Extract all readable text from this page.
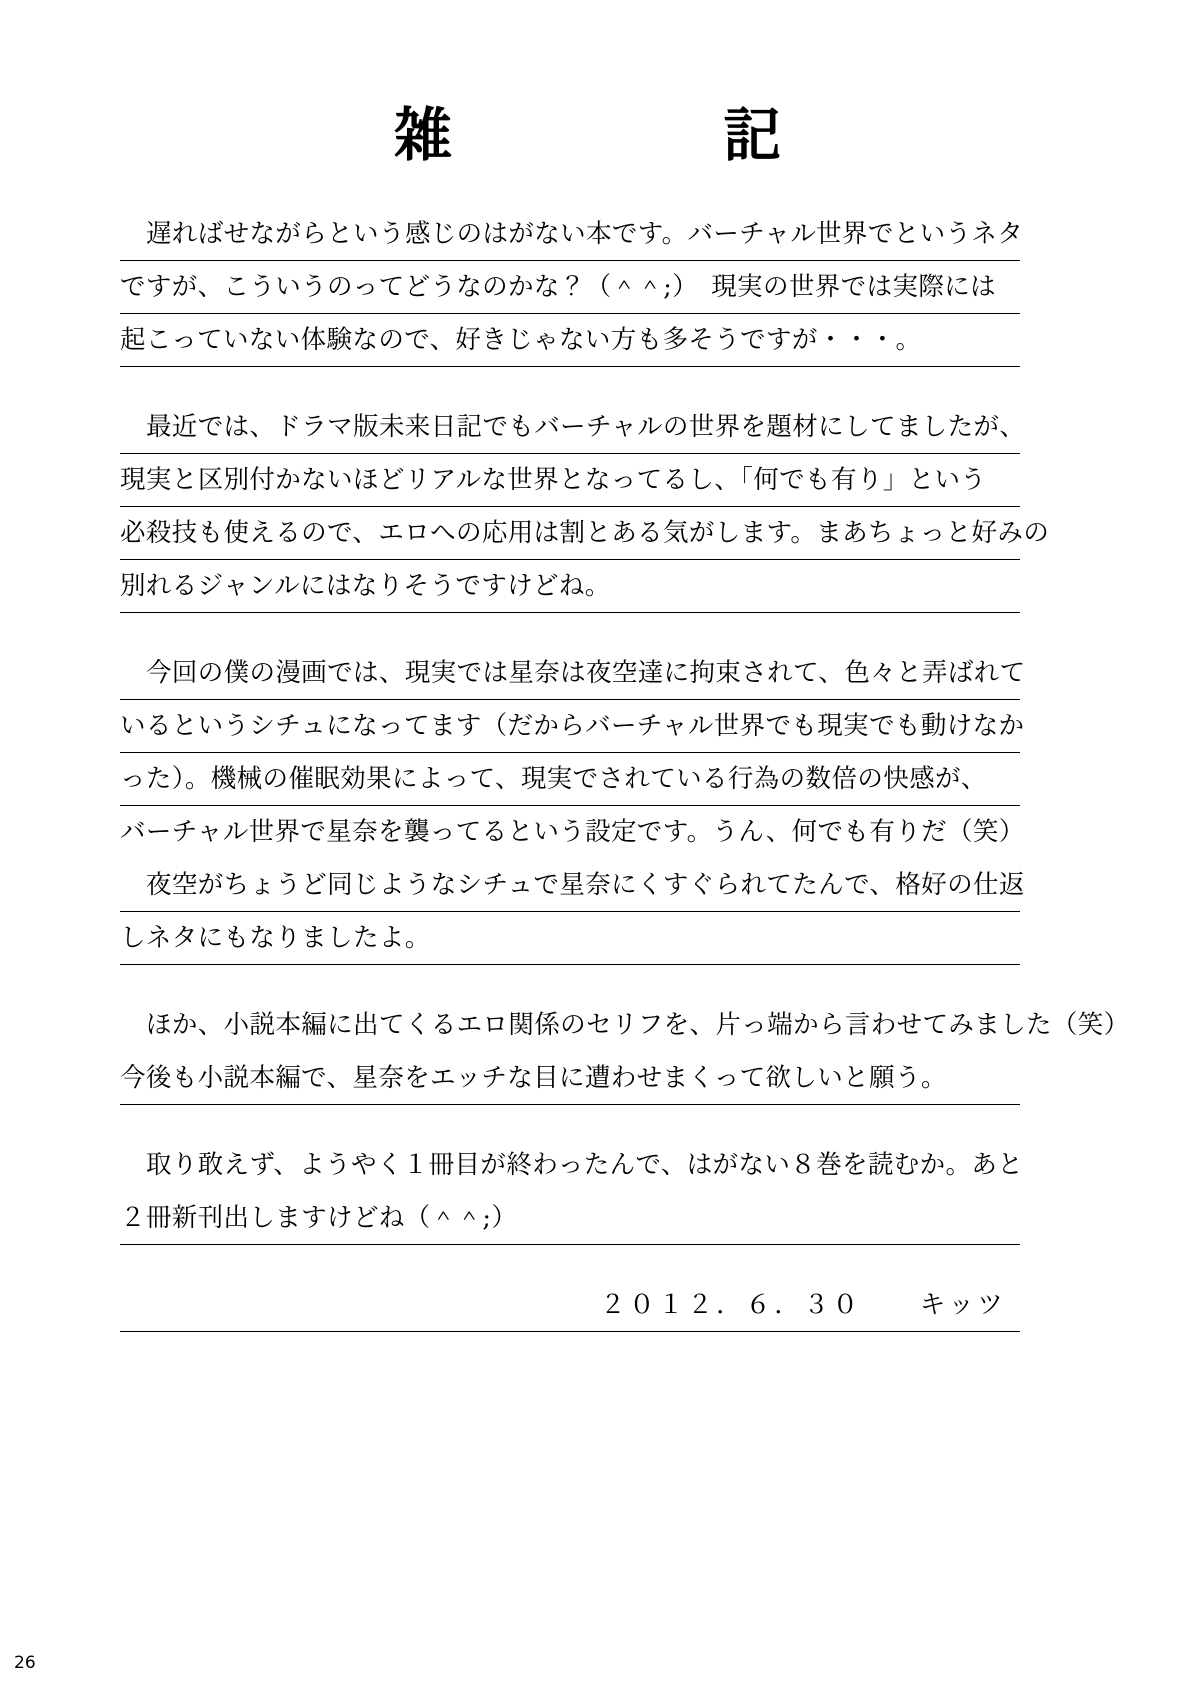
雑　　　記
遅ればせながらという感じのはがない本です。バーチャル世界でというネタ
ですが、こういうのってどうなのかな？（＾＾;）　現実の世界では実際には
起こっていない体験なので、好きじゃない方も多そうですが・・・。
最近では、ドラマ版未来日記でもバーチャルの世界を題材にしてましたが、
現実と区別付かないほどリアルな世界となってるし、「何でも有り」という
必殺技も使えるので、エロへの応用は割とある気がします。まあちょっと好みの
別れるジャンルにはなりそうですけどね。
今回の僕の漫画では、現実では星奈は夜空達に拘束されて、色々と弄ばれて
いるというシチュになってます（だからバーチャル世界でも現実でも動けなか
った）。機械の催眠効果によって、現実でされている行為の数倍の快感が、
バーチャル世界で星奈を襲ってるという設定です。うん、何でも有りだ（笑）
夜空がちょうど同じようなシチュで星奈にくすぐられてたんで、格好の仕返
しネタにもなりましたよ。
ほか、小説本編に出てくるエロ関係のセリフを、片っ端から言わせてみました（笑）
今後も小説本編で、星奈をエッチな目に遭わせまくって欲しいと願う。
取り敢えず、ようやく１冊目が終わったんで、はがない８巻を読むか。あと
２冊新刊出しますけどね（＾＾;）
２０１２．６．３０　　キッツ
26
